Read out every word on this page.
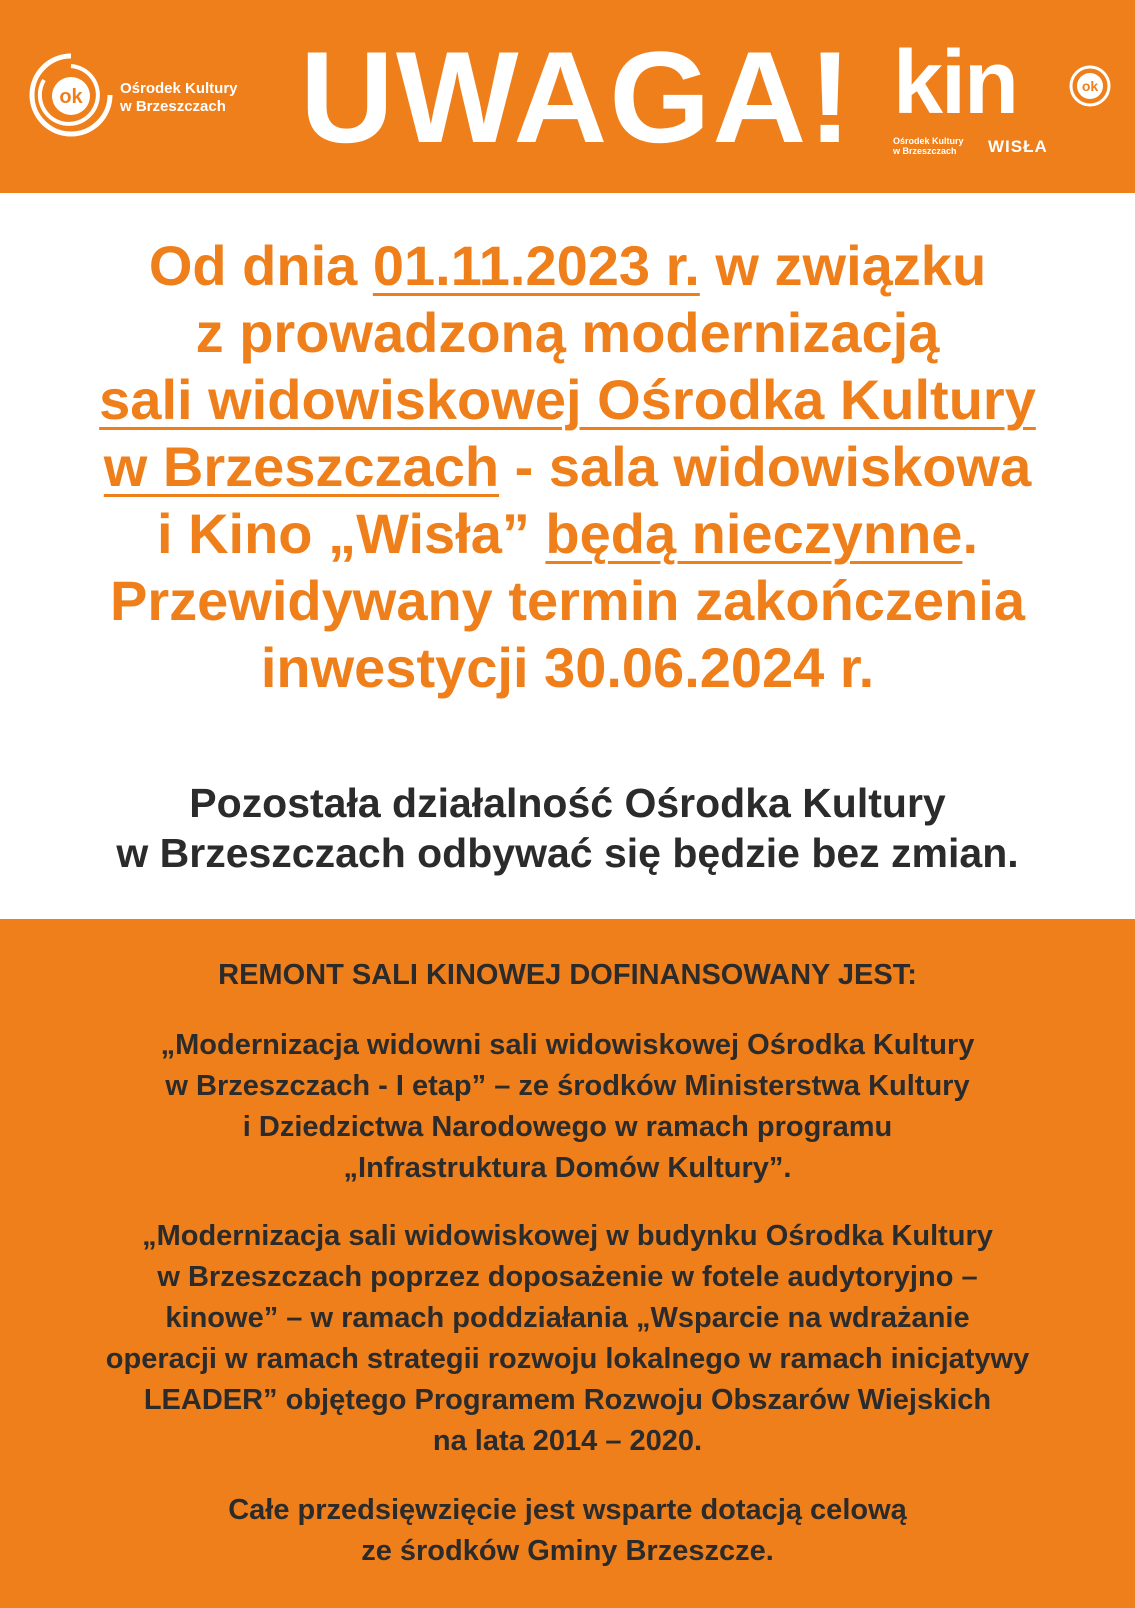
ok Ośrodek Kultury
w Brzeszczach UWAGA! kin	ok
Ośrodek Kultury
w Brzeszczach	WISŁA
Od dnia 01.11.2023 r. w związku
z prowadzoną modernizacją
sali widowiskowej Ośrodka Kultury
w Brzeszczach - sala widowiskowa
i Kino „Wisła” będą nieczynne.
Przewidywany termin zakończenia
inwestycji 30.06.2024 r.
Pozostała działalność Ośrodka Kultury
w Brzeszczach odbywać się będzie bez zmian.
REMONT SALI KINOWEJ DOFINANSOWANY JEST:
„Modernizacja widowni sali widowiskowej Ośrodka Kultury
w Brzeszczach - I etap” – ze środków Ministerstwa Kultury
i Dziedzictwa Narodowego w ramach programu
„Infrastruktura Domów Kultury”.
„Modernizacja sali widowiskowej w budynku Ośrodka Kultury
w Brzeszczach poprzez doposażenie w fotele audytoryjno –
kinowe” – w ramach poddziałania „Wsparcie na wdrażanie
operacji w ramach strategii rozwoju lokalnego w ramach inicjatywy
LEADER” objętego Programem Rozwoju Obszarów Wiejskich
na lata 2014 – 2020.
Całe przedsięwzięcie jest wsparte dotacją celową
ze środków Gminy Brzeszcze.
